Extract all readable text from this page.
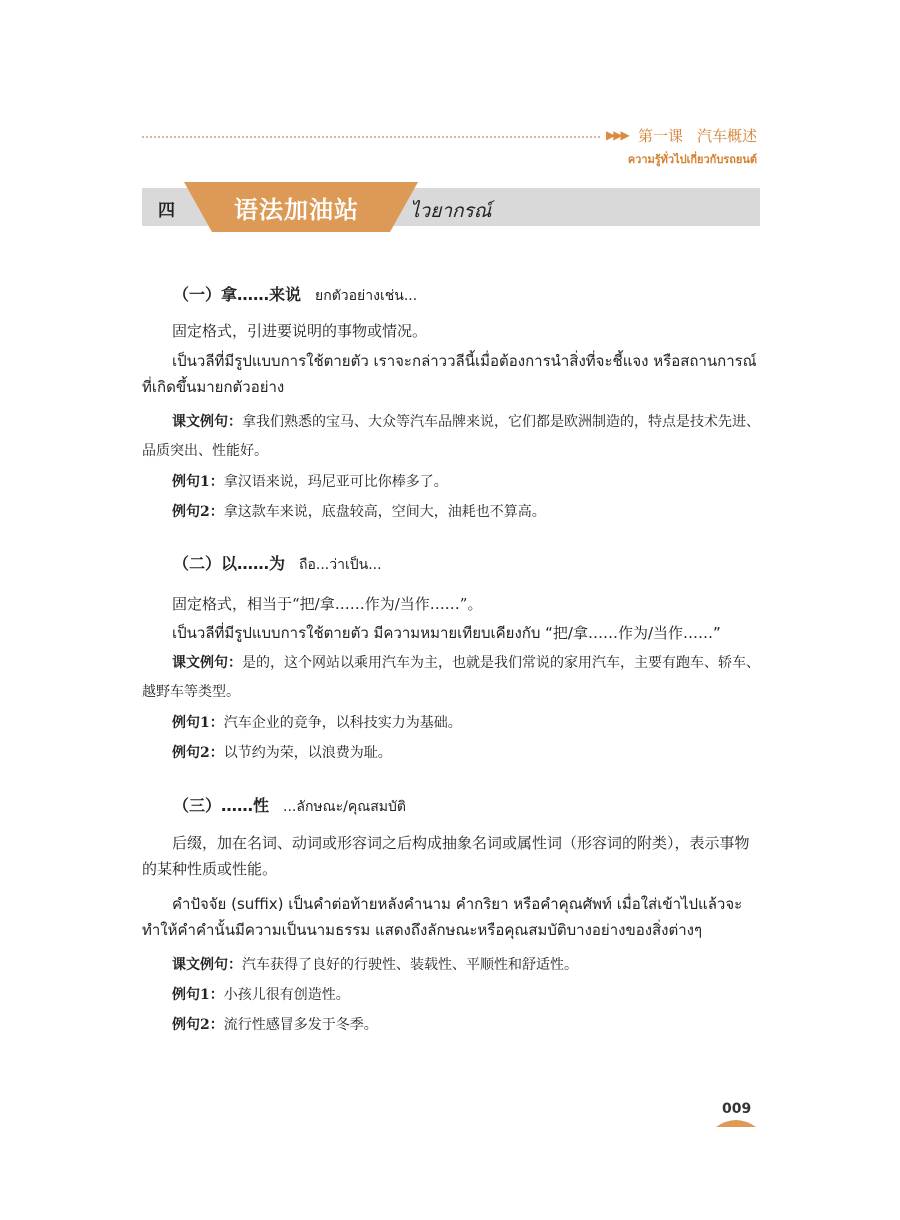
▶▶▶ 第一课 汽车概述
ความรู้ทั่วไปเกี่ยวกับรถยนต์
四 语法加油站	ไวยากรณ์
（一）拿……来说 ยกตัวอย่างเช่น...
固定格式，引进要说明的事物或情况。
เป็นวลีที่มีรูปแบบการใช้ตายตัว เราจะกล่าววลีนี้เมื่อต้องการนำสิ่งที่จะชี้แจง หรือสถานการณ์ที่เกิดขึ้นมายกตัวอย่าง
课文例句：拿我们熟悉的宝马、大众等汽车品牌来说，它们都是欧洲制造的，特点是技术先进、品质突出、性能好。
例句1：拿汉语来说，玛尼亚可比你棒多了。
例句2：拿这款车来说，底盘较高，空间大，油耗也不算高。
（二）以……为 ถือ...ว่าเป็น...
固定格式，相当于“把/拿……作为/当作……”。
เป็นวลีที่มีรูปแบบการใช้ตายตัว มีความหมายเทียบเคียงกับ “把/拿……作为/当作……”
课文例句：是的，这个网站以乘用汽车为主，也就是我们常说的家用汽车，主要有跑车、轿车、越野车等类型。
例句1：汽车企业的竞争，以科技实力为基础。
例句2：以节约为荣，以浪费为耻。
（三）……性 ...ลักษณะ/คุณสมบัติ
后缀，加在名词、动词或形容词之后构成抽象名词或属性词（形容词的附类），表示事物的某种性质或性能。
คำปัจจัย (suffix) เป็นคำต่อท้ายหลังคำนาม คำกริยา หรือคำคุณศัพท์ เมื่อใส่เข้าไปแล้วจะทำให้คำคำนั้นมีความเป็นนามธรรม แสดงถึงลักษณะหรือคุณสมบัติบางอย่างของสิ่งต่างๆ
课文例句：汽车获得了良好的行驶性、装载性、平顺性和舒适性。
例句1：小孩儿很有创造性。
例句2：流行性感冒多发于冬季。
009
